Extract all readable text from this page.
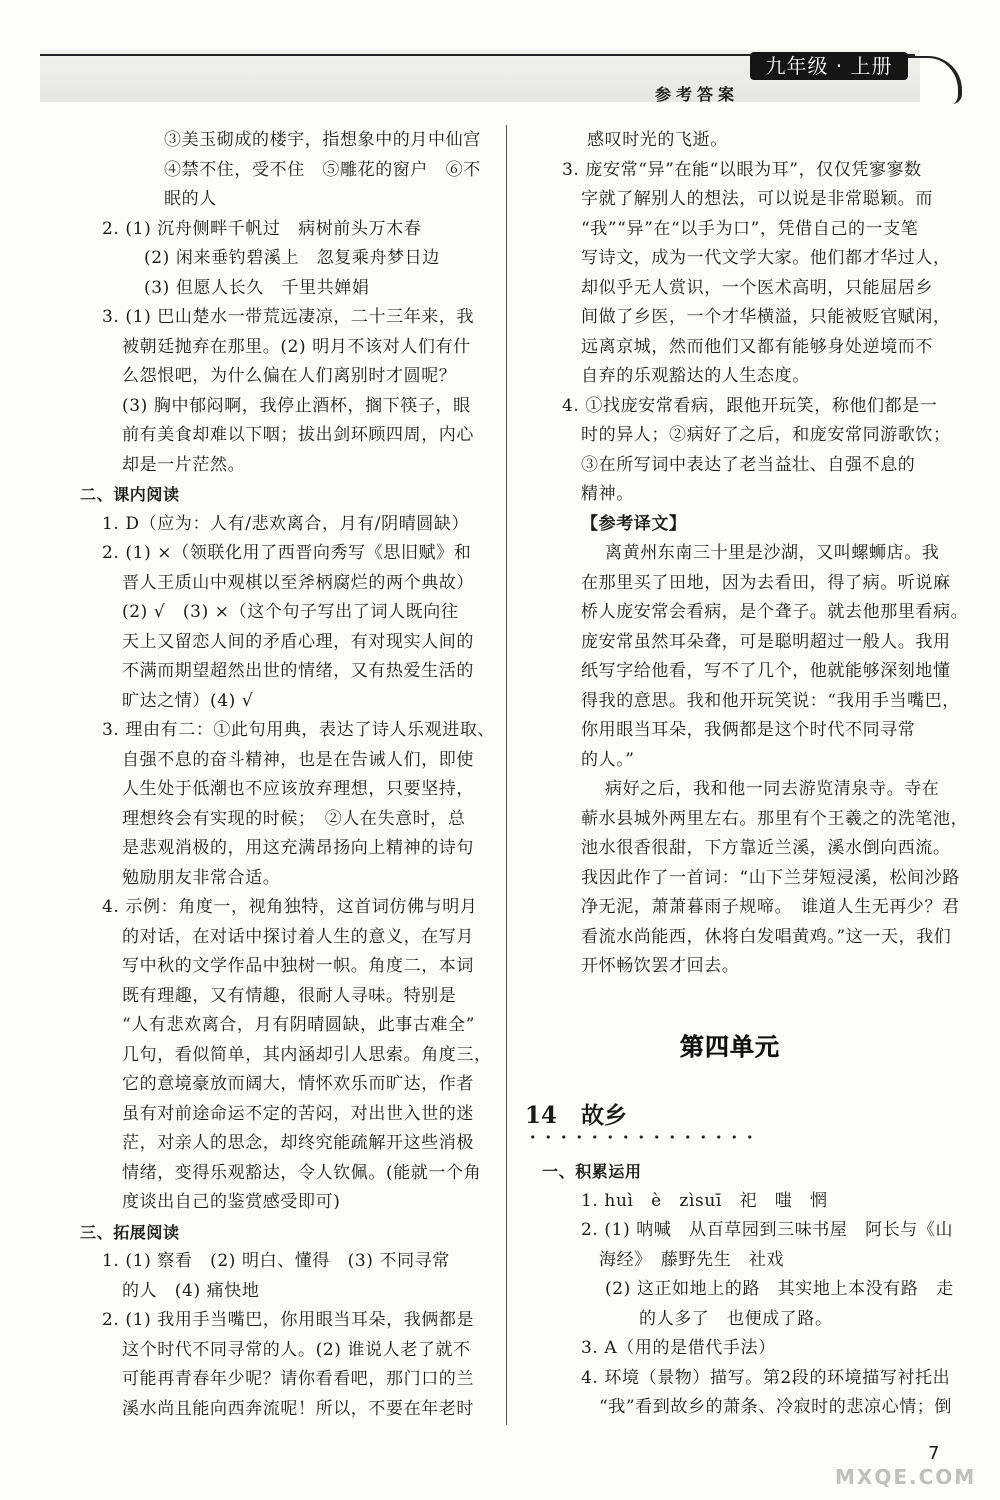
九年级 · 上册
参考答案
③美玉砌成的楼宇，指想象中的月中仙宫
④禁不住，受不住　⑤雕花的窗户　⑥不
眠的人
2. (1) 沉舟侧畔千帆过　病树前头万木春
(2) 闲来垂钓碧溪上　忽复乘舟梦日边
(3) 但愿人长久　千里共婵娟
3. (1) 巴山楚水一带荒远凄凉，二十三年来，我
被朝廷抛弃在那里。(2) 明月不该对人们有什
么怨恨吧，为什么偏在人们离别时才圆呢？
(3) 胸中郁闷啊，我停止酒杯，搁下筷子，眼
前有美食却难以下咽；拔出剑环顾四周，内心
却是一片茫然。
二、课内阅读
1. D（应为：人有/悲欢离合，月有/阴晴圆缺）
2. (1) ×（领联化用了西晋向秀写《思旧赋》和
晋人王质山中观棋以至斧柄腐烂的两个典故）
(2) √　(3) ×（这个句子写出了词人既向往
天上又留恋人间的矛盾心理，有对现实人间的
不满而期望超然出世的情绪，又有热爱生活的
旷达之情）(4) √
3. 理由有二：①此句用典，表达了诗人乐观进取、
自强不息的奋斗精神，也是在告诫人们，即使
人生处于低潮也不应该放弃理想，只要坚持，
理想终会有实现的时候；　②人在失意时，总
是悲观消极的，用这充满昂扬向上精神的诗句
勉励朋友非常合适。
4. 示例：角度一，视角独特，这首词仿佛与明月
的对话，在对话中探讨着人生的意义，在写月
写中秋的文学作品中独树一帜。角度二，本词
既有理趣，又有情趣，很耐人寻味。特别是
“人有悲欢离合，月有阴晴圆缺，此事古难全”
几句，看似简单，其内涵却引人思索。角度三，
它的意境豪放而阔大，情怀欢乐而旷达，作者
虽有对前途命运不定的苦闷，对出世入世的迷
茫，对亲人的思念，却终究能疏解开这些消极
情绪，变得乐观豁达，令人钦佩。(能就一个角
度谈出自己的鉴赏感受即可)
三、拓展阅读
1. (1) 察看　(2) 明白、懂得　(3) 不同寻常
的人　(4) 痛快地
2. (1) 我用手当嘴巴，你用眼当耳朵，我俩都是
这个时代不同寻常的人。(2) 谁说人老了就不
可能再青春年少呢？请你看看吧，那门口的兰
溪水尚且能向西奔流呢！所以，不要在年老时
感叹时光的飞逝。
3. 庞安常“异”在能“以眼为耳”，仅仅凭寥寥数
字就了解别人的想法，可以说是非常聪颖。而
“我”“异”在“以手为口”，凭借自己的一支笔
写诗文，成为一代文学大家。他们都才华过人，
却似乎无人赏识，一个医术高明，只能屈居乡
间做了乡医，一个才华横溢，只能被贬官赋闲，
远离京城，然而他们又都有能够身处逆境而不
自弃的乐观豁达的人生态度。
4. ①找庞安常看病，跟他开玩笑，称他们都是一
时的异人；②病好了之后，和庞安常同游歌饮；
③在所写词中表达了老当益壮、自强不息的
精神。
【参考译文】
离黄州东南三十里是沙湖，又叫螺蛳店。我
在那里买了田地，因为去看田，得了病。听说麻
桥人庞安常会看病，是个聋子。就去他那里看病。
庞安常虽然耳朵聋，可是聪明超过一般人。我用
纸写字给他看，写不了几个，他就能够深刻地懂
得我的意思。我和他开玩笑说：“我用手当嘴巴，
你用眼当耳朵，我俩都是这个时代不同寻常
的人。”
病好之后，我和他一同去游览清泉寺。寺在
蕲水县城外两里左右。那里有个王羲之的洗笔池，
池水很香很甜，下方靠近兰溪，溪水倒向西流。
我因此作了一首词：“山下兰芽短浸溪，松间沙路
净无泥，萧萧暮雨子规啼。　谁道人生无再少？君
看流水尚能西，休将白发唱黄鸡。”这一天，我们
开怀畅饮罢才回去。
第四单元
14 故乡
一、积累运用
1. huì　è　zìsuī　祀　嗤　惘
2. (1) 呐喊　从百草园到三味书屋　阿长与《山
海经》　藤野先生　社戏
(2) 这正如地上的路　其实地上本没有路　走
的人多了　也便成了路。
3. A（用的是借代手法）
4. 环境（景物）描写。第2段的环境描写衬托出
“我”看到故乡的萧条、冷寂时的悲凉心情；倒
7
MXQE.COM
